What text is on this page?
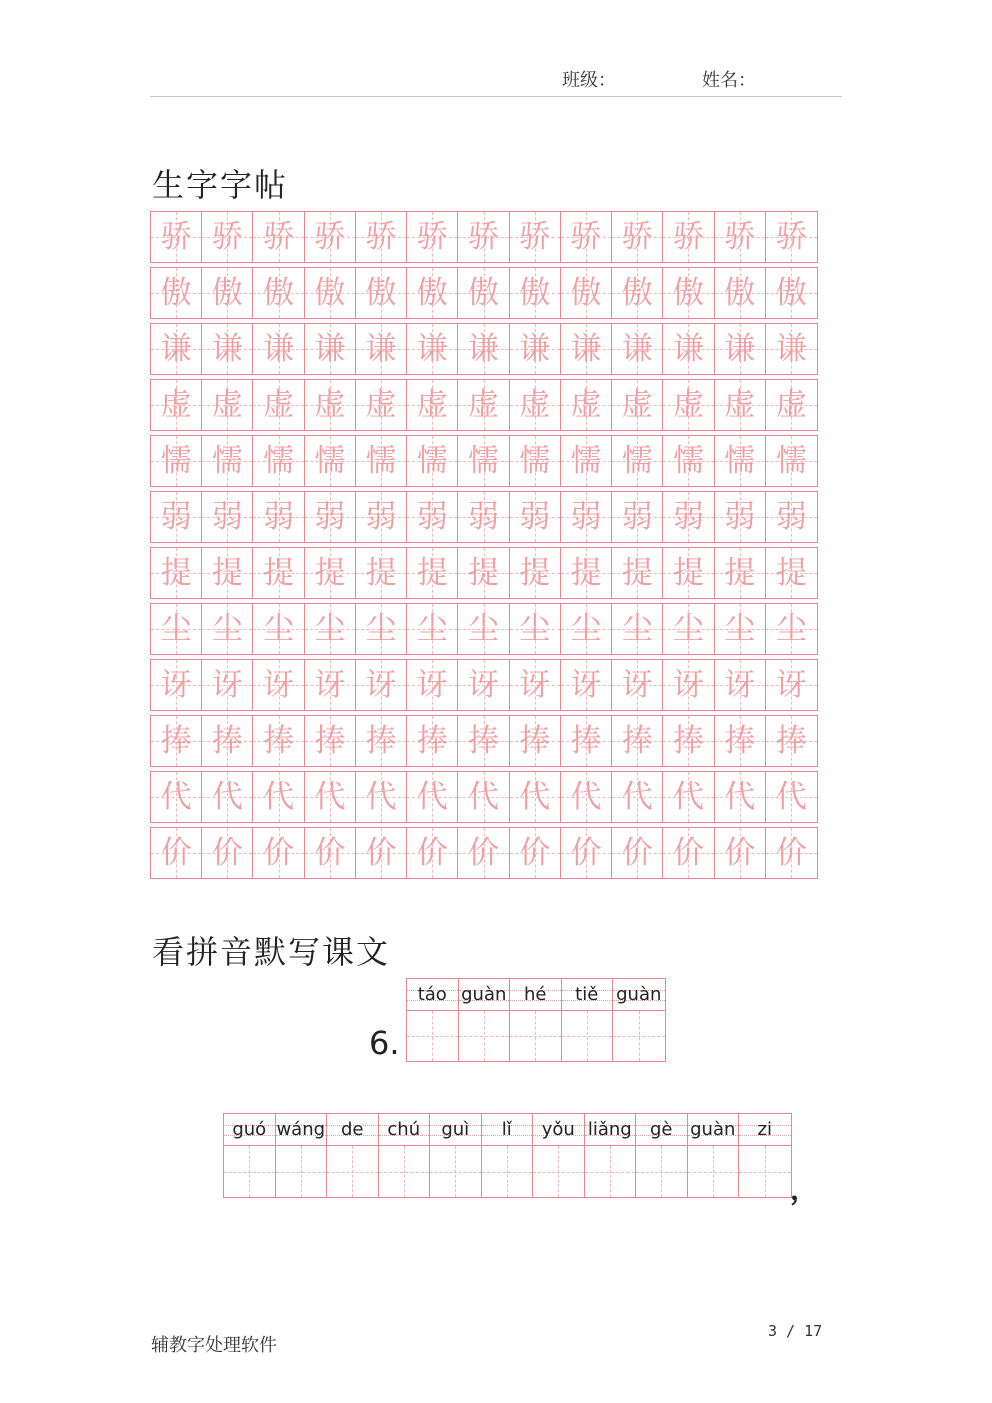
班级：	姓名：
生字字帖
骄 骄 骄 骄 骄 骄 骄 骄 骄 骄 骄 骄 骄
傲 傲 傲 傲 傲 傲 傲 傲 傲 傲 傲 傲 傲
谦 谦 谦 谦 谦 谦 谦 谦 谦 谦 谦 谦 谦
虚 虚 虚 虚 虚 虚 虚 虚 虚 虚 虚 虚 虚
懦 懦 懦 懦 懦 懦 懦 懦 懦 懦 懦 懦 懦
弱 弱 弱 弱 弱 弱 弱 弱 弱 弱 弱 弱 弱
提 提 提 提 提 提 提 提 提 提 提 提 提
尘 尘 尘 尘 尘 尘 尘 尘 尘 尘 尘 尘 尘
讶 讶 讶 讶 讶 讶 讶 讶 讶 讶 讶 讶 讶
捧 捧 捧 捧 捧 捧 捧 捧 捧 捧 捧 捧 捧
代 代 代 代 代 代 代 代 代 代 代 代 代
价 价 价 价 价 价 价 价 价 价 价 价 价
看拼音默写课文
6.
táo guàn hé tiě guàn
guó wáng de chú guì lǐ yǒu liǎng gè guàn zi
，
辅教字处理软件
3 / 17
